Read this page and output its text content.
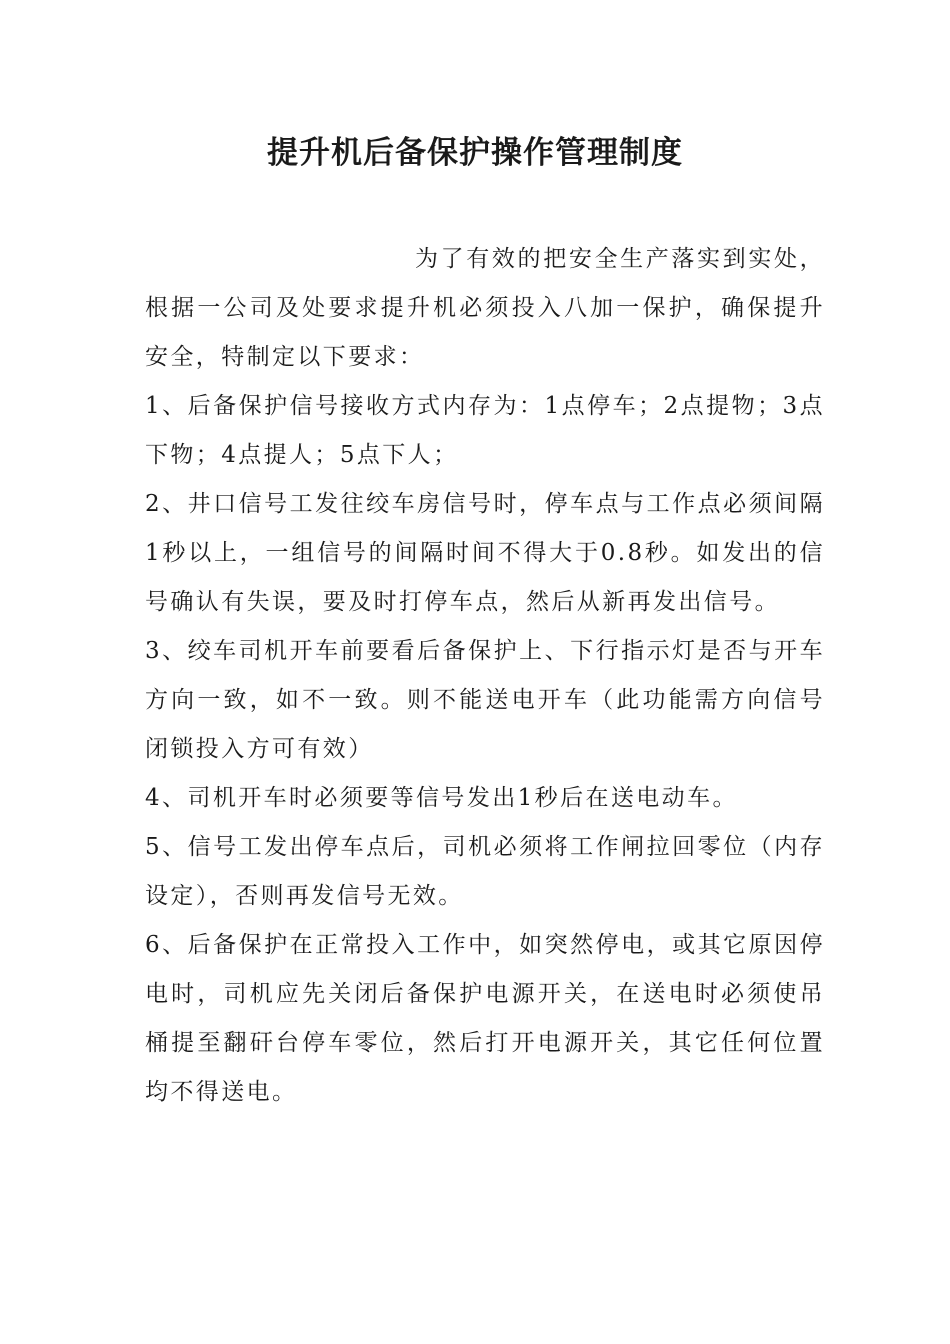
提升机后备保护操作管理制度

为了有效的把安全生产落实到实处，根据一公司及处要求提升机必须投入八加一保护，确保提升安全，特制定以下要求：

1、后备保护信号接收方式内存为：1点停车；2点提物；3点下物；4点提人；5点下人；

2、井口信号工发往绞车房信号时，停车点与工作点必须间隔1秒以上，一组信号的间隔时间不得大于0.8秒。如发出的信号确认有失误，要及时打停车点，然后从新再发出信号。

3、绞车司机开车前要看后备保护上、下行指示灯是否与开车方向一致，如不一致。则不能送电开车（此功能需方向信号闭锁投入方可有效）

4、司机开车时必须要等信号发出1秒后在送电动车。

5、信号工发出停车点后，司机必须将工作闸拉回零位（内存设定），否则再发信号无效。

6、后备保护在正常投入工作中，如突然停电，或其它原因停电时，司机应先关闭后备保护电源开关，在送电时必须使吊桶提至翻矸台停车零位，然后打开电源开关，其它任何位置均不得送电。
